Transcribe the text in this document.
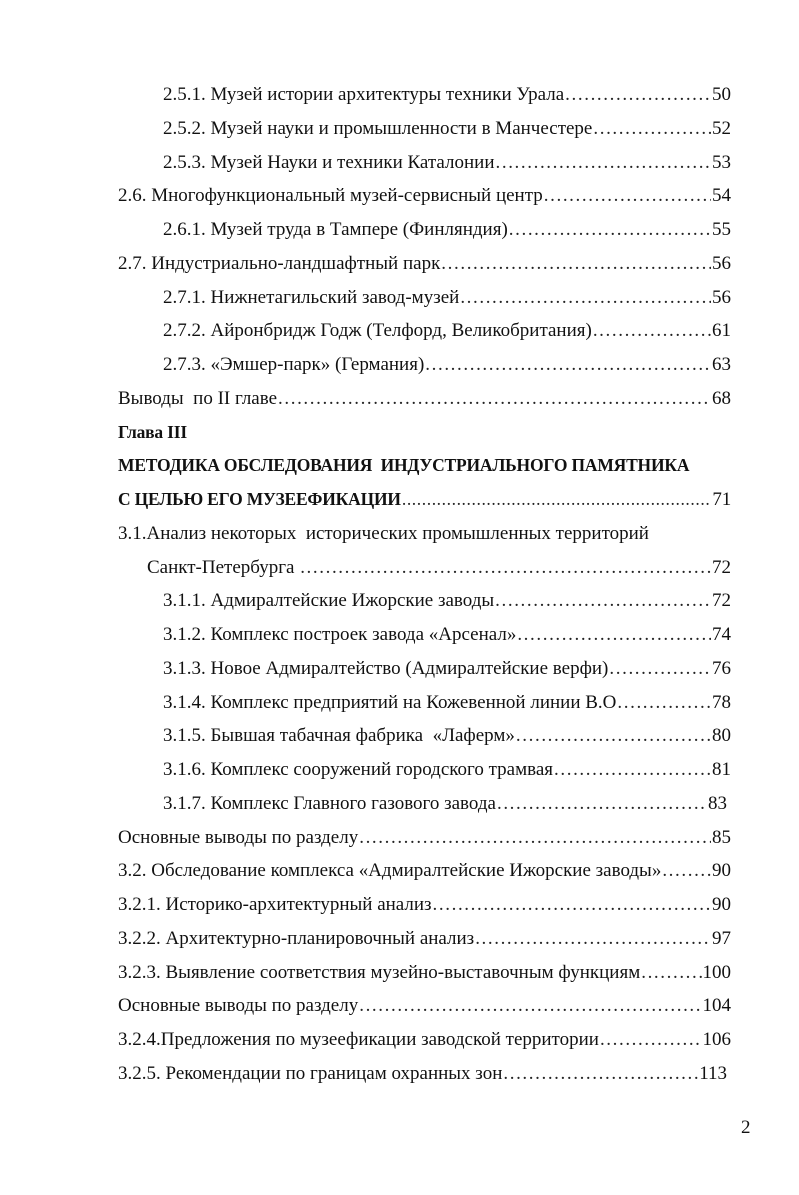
2.5.1. Музей истории архитектуры техники Урала .....	50
2.5.2. Музей науки и промышленности в Манчестере .....	52
2.5.3. Музей Науки и техники Каталонии .....	53
2.6. Многофункциональный музей-сервисный центр .....	54
2.6.1. Музей труда в Тампере (Финляндия) .....	55
2.7. Индустриально-ландшафтный парк .....	56
2.7.1. Нижнетагильский завод-музей .....	56
2.7.2. Айронбридж Годж (Телфорд, Великобритания) .....	61
2.7.3. «Эмшер-парк» (Германия) .....	63
Выводы  по II главе .....	68
Глава III
МЕТОДИКА ОБСЛЕДОВАНИЯ  ИНДУСТРИАЛЬНОГО ПАМЯТНИКА
С ЦЕЛЬЮ ЕГО МУЗЕЕФИКАЦИИ .....	71
3.1.Анализ некоторых  исторических промышленных территорий
Санкт-Петербурга .....	72
3.1.1. Адмиралтейские Ижорские заводы .....	72
3.1.2. Комплекс построек завода «Арсенал» .....	74
3.1.3. Новое Адмиралтейство (Адмиралтейские верфи) .....	76
3.1.4. Комплекс предприятий на Кожевенной линии В.О .....	78
3.1.5. Бывшая табачная фабрика  «Лаферм» .....	80
3.1.6. Комплекс сооружений городского трамвая .....	81
3.1.7. Комплекс Главного газового завода .....	83
Основные выводы по разделу .....	85
3.2. Обследование комплекса «Адмиралтейские Ижорские заводы» .....	90
3.2.1. Историко-архитектурный анализ .....	90
3.2.2. Архитектурно-планировочный анализ .....	97
3.2.3. Выявление соответствия музейно-выставочным функциям .....	100
Основные выводы по разделу .....	104
3.2.4.Предложения по музеефикации заводской территории .....	106
3.2.5. Рекомендации по границам охранных зон .....	113
2
